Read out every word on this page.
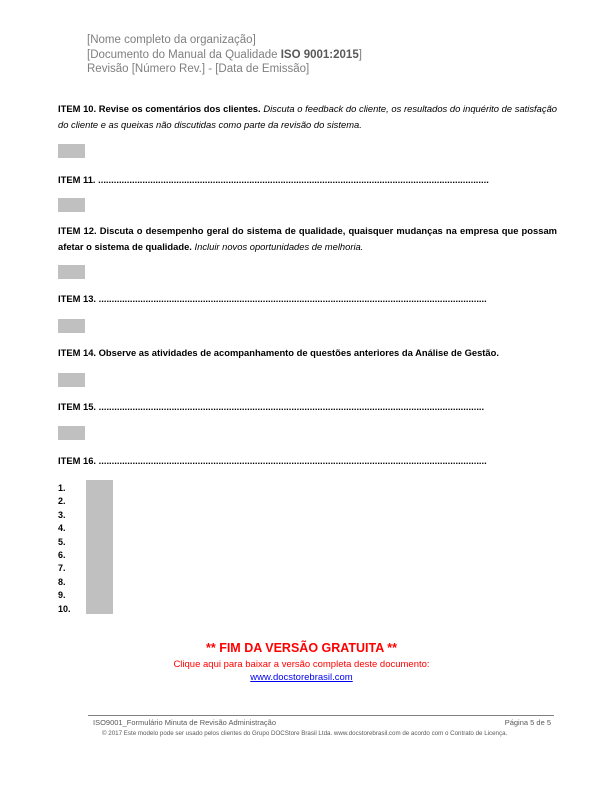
[Nome completo da organização]
[Documento do Manual da Qualidade ISO 9001:2015]
Revisão [Número Rev.] - [Data de Emissão]
ITEM 10. Revise os comentários dos clientes. Discuta o feedback do cliente, os resultados do inquérito de satisfação do cliente e as queixas não discutidas como parte da revisão do sistema.
ITEM 11. ......................................................................................................................................................
ITEM 12. Discuta o desempenho geral do sistema de qualidade, quaisquer mudanças na empresa que possam afetar o sistema de qualidade. Incluir novos oportunidades de melhoria.
ITEM 13. .....................................................................................................................................................
ITEM 14. Observe as atividades de acompanhamento de questões anteriores da Análise de Gestão.
ITEM 15. ....................................................................................................................................................
ITEM 16. .....................................................................................................................................................
1.
2.
3.
4.
5.
6.
7.
8.
9.
10.
** FIM DA VERSÃO GRATUITA **
Clique aqui para baixar a versão completa deste documento:
www.docstorebrasil.com
ISO9001_Formulário Minuta de Revisão Administração	Página 5 de 5
© 2017 Este modelo pode ser usado pelos clientes do Grupo DOCStore Brasil Ltda. www.docstorebrasil.com de acordo com o Contrato de Licença.
